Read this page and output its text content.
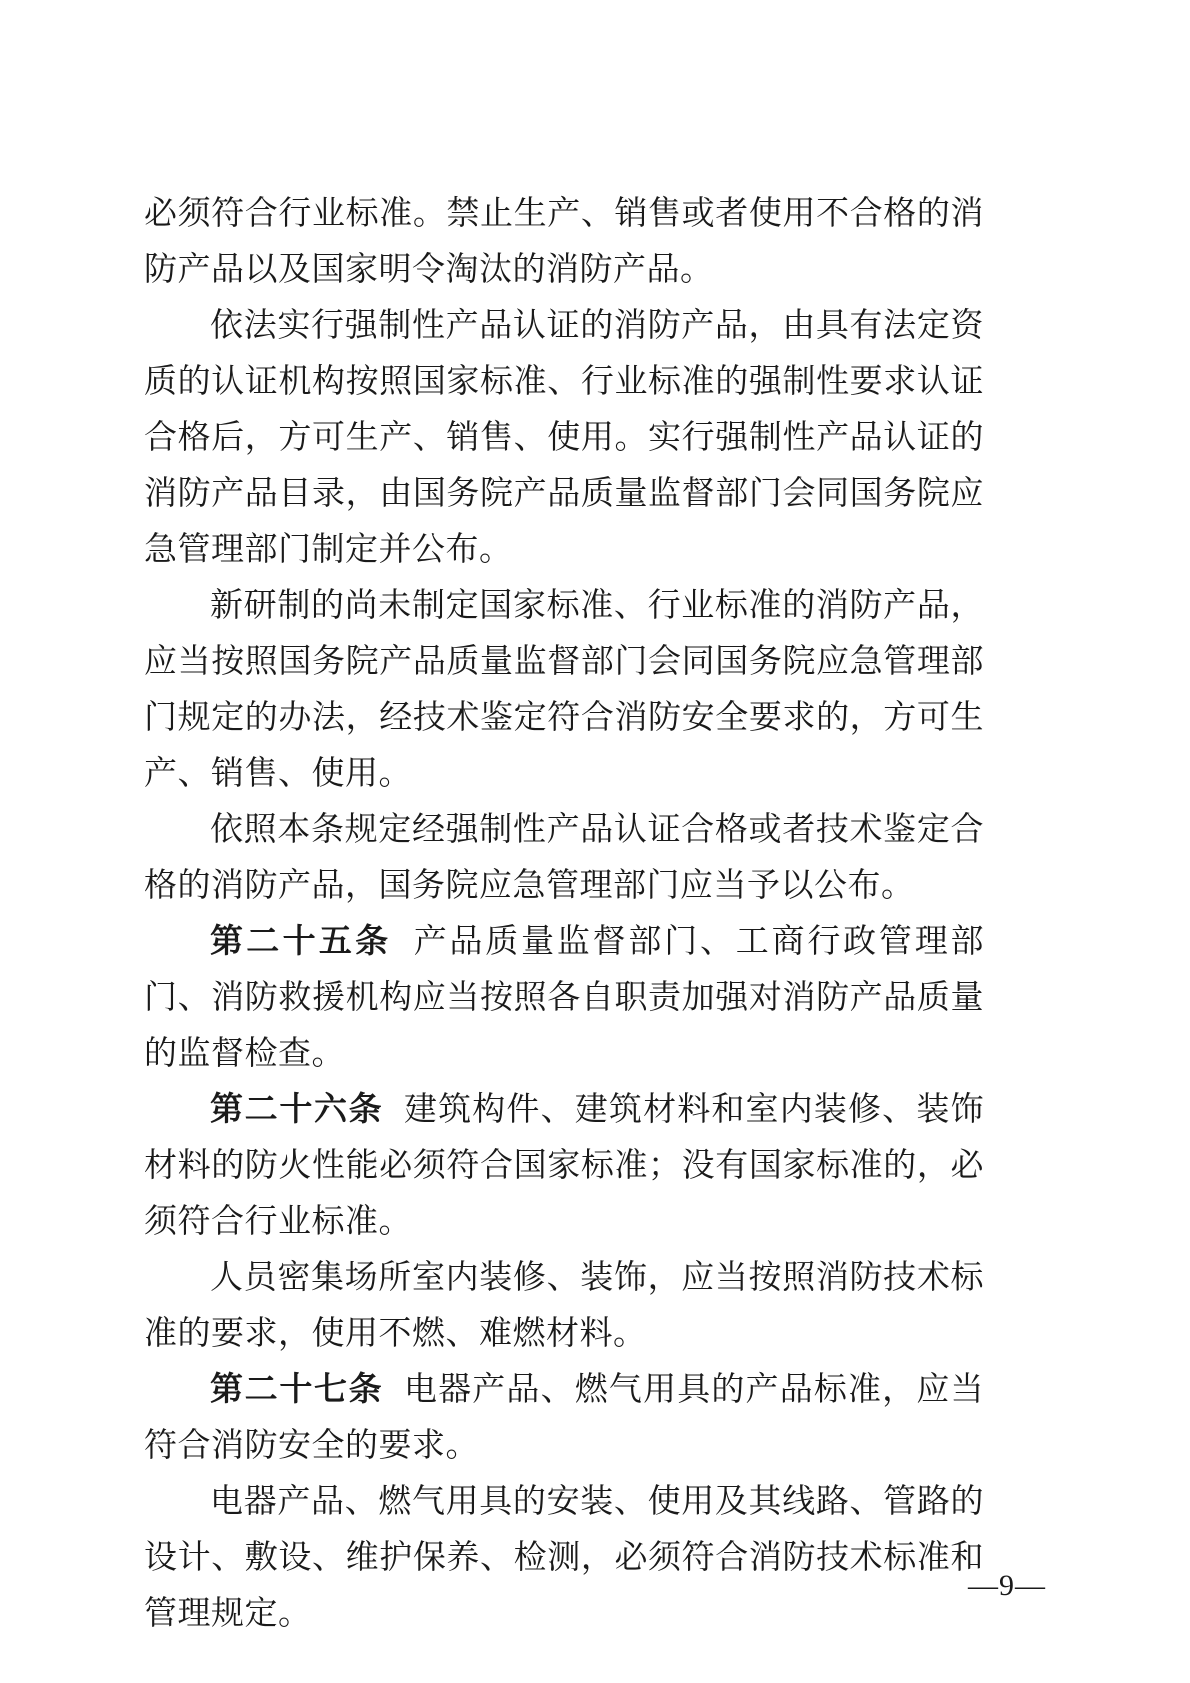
必须符合行业标准。禁止生产、销售或者使用不合格的消防产品以及国家明令淘汰的消防产品。

依法实行强制性产品认证的消防产品，由具有法定资质的认证机构按照国家标准、行业标准的强制性要求认证合格后，方可生产、销售、使用。实行强制性产品认证的消防产品目录，由国务院产品质量监督部门会同国务院应急管理部门制定并公布。

新研制的尚未制定国家标准、行业标准的消防产品，应当按照国务院产品质量监督部门会同国务院应急管理部门规定的办法，经技术鉴定符合消防安全要求的，方可生产、销售、使用。

依照本条规定经强制性产品认证合格或者技术鉴定合格的消防产品，国务院应急管理部门应当予以公布。

第二十五条 产品质量监督部门、工商行政管理部门、消防救援机构应当按照各自职责加强对消防产品质量的监督检查。

第二十六条 建筑构件、建筑材料和室内装修、装饰材料的防火性能必须符合国家标准；没有国家标准的，必须符合行业标准。

人员密集场所室内装修、装饰，应当按照消防技术标准的要求，使用不燃、难燃材料。

第二十七条 电器产品、燃气用具的产品标准，应当符合消防安全的要求。

电器产品、燃气用具的安装、使用及其线路、管路的设计、敷设、维护保养、检测，必须符合消防技术标准和管理规定。

—9—
